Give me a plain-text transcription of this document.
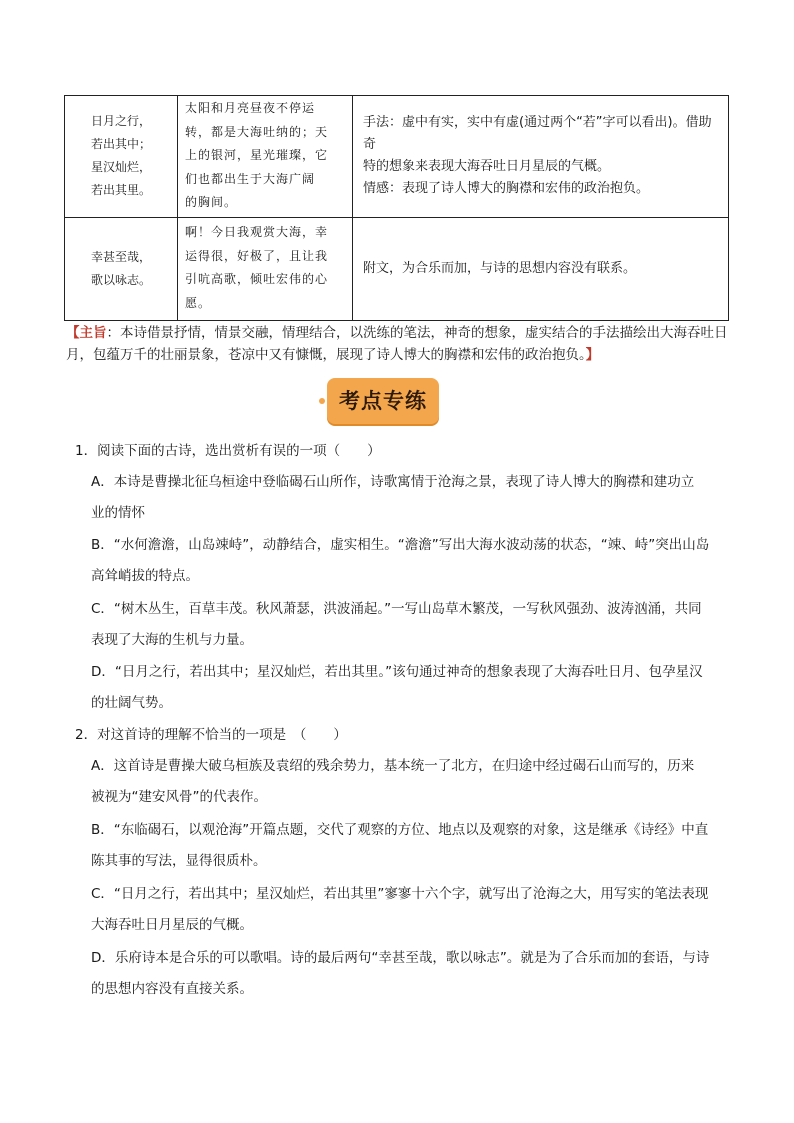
日月之行，
若出其中；
星汉灿烂，
若出其里。	太阳和月亮昼夜不停运
转，都是大海吐纳的；天
上的银河，星光璀璨，它
们也都出生于大海广阔
的胸间。	手法：虚中有实，实中有虚(通过两个“若”字可以看出)。借助奇
特的想象来表现大海吞吐日月星辰的气概。
情感：表现了诗人博大的胸襟和宏伟的政治抱负。

幸甚至哉，
歌以咏志。	啊！今日我观赏大海，幸
运得很，好极了，且让我
引吭高歌，倾吐宏伟的心
愿。	附文，为合乐而加，与诗的思想内容没有联系。
【主旨：本诗借景抒情，情景交融，情理结合，以洗练的笔法，神奇的想象，虚实结合的手法描绘出大海吞吐日月，包蕴万千的壮丽景象，苍凉中又有慷慨，展现了诗人博大的胸襟和宏伟的政治抱负。】
考点专练
1．阅读下面的古诗，选出赏析有误的一项（　　）
A．本诗是曹操北征乌桓途中登临碣石山所作，诗歌寓情于沧海之景，表现了诗人博大的胸襟和建功立
业的情怀
B．“水何澹澹，山岛竦峙”，动静结合，虚实相生。“澹澹”写出大海水波动荡的状态，“竦、峙”突出山岛
高耸峭拔的特点。
C．“树木丛生，百草丰茂。秋风萧瑟，洪波涌起。”一写山岛草木繁茂，一写秋风强劲、波涛汹涌，共同
表现了大海的生机与力量。
D．“日月之行，若出其中；星汉灿烂，若出其里。”该句通过神奇的想象表现了大海吞吐日月、包孕星汉
的壮阔气势。
2．对这首诗的理解不恰当的一项是　（　　）
A．这首诗是曹操大破乌桓族及袁绍的残余势力，基本统一了北方，在归途中经过碣石山而写的，历来
被视为“建安风骨”的代表作。
B．“东临碣石，以观沧海”开篇点题，交代了观察的方位、地点以及观察的对象，这是继承《诗经》中直
陈其事的写法，显得很质朴。
C．“日月之行，若出其中；星汉灿烂，若出其里”寥寥十六个字，就写出了沧海之大，用写实的笔法表现
大海吞吐日月星辰的气概。
D．乐府诗本是合乐的可以歌唱。诗的最后两句“幸甚至哉，歌以咏志”。就是为了合乐而加的套语，与诗
的思想内容没有直接关系。
